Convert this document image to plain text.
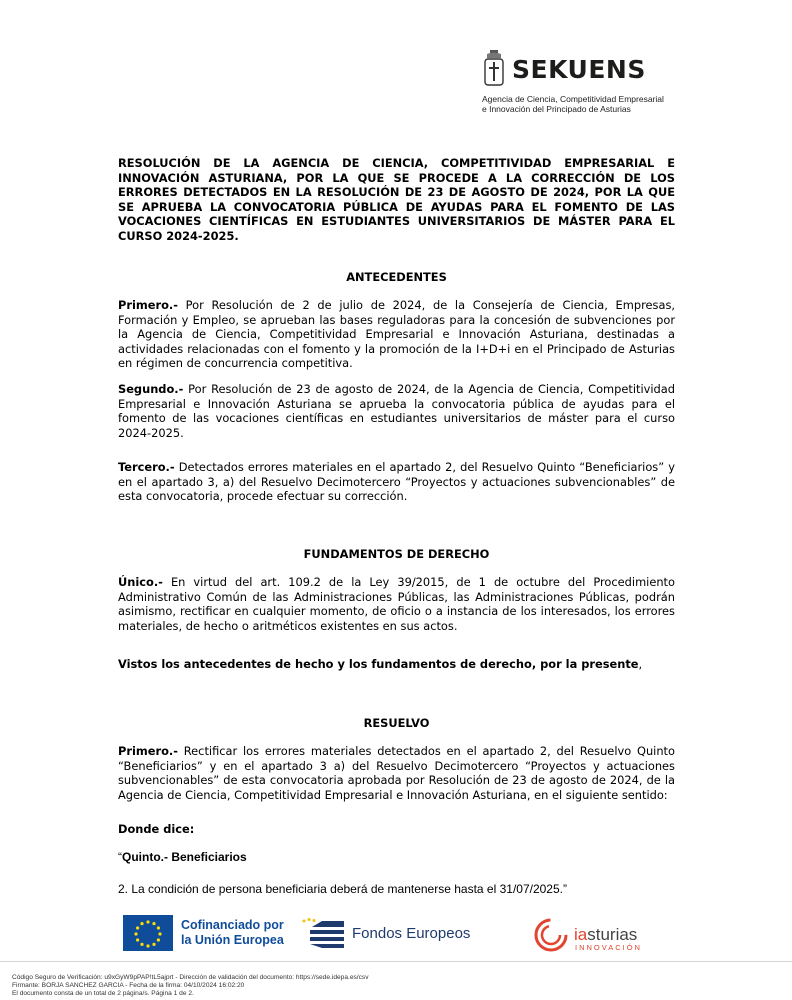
SEKUENS
Agencia de Ciencia, Competitividad Empresarial
e Innovación del Principado de Asturias
RESOLUCIÓN DE LA AGENCIA DE CIENCIA, COMPETITIVIDAD EMPRESARIAL E INNOVACIÓN ASTURIANA, POR LA QUE SE PROCEDE A LA CORRECCIÓN DE LOS ERRORES DETECTADOS EN LA RESOLUCIÓN DE 23 DE AGOSTO DE 2024, POR LA QUE SE APRUEBA LA CONVOCATORIA PÚBLICA DE AYUDAS PARA EL FOMENTO DE LAS VOCACIONES CIENTÍFICAS EN ESTUDIANTES UNIVERSITARIOS DE MÁSTER PARA EL CURSO 2024-2025.
ANTECEDENTES
Primero.- Por Resolución de 2 de julio de 2024, de la Consejería de Ciencia, Empresas, Formación y Empleo, se aprueban las bases reguladoras para la concesión de subvenciones por la Agencia de Ciencia, Competitividad Empresarial e Innovación Asturiana, destinadas a actividades relacionadas con el fomento y la promoción de la I+D+i en el Principado de Asturias en régimen de concurrencia competitiva.
Segundo.- Por Resolución de 23 de agosto de 2024, de la Agencia de Ciencia, Competitividad Empresarial e Innovación Asturiana se aprueba la convocatoria pública de ayudas para el fomento de las vocaciones científicas en estudiantes universitarios de máster para el curso 2024-2025.
Tercero.- Detectados errores materiales en el apartado 2, del Resuelvo Quinto “Beneficiarios” y en el apartado 3, a) del Resuelvo Decimotercero “Proyectos y actuaciones subvencionables” de esta convocatoria, procede efectuar su corrección.
FUNDAMENTOS DE DERECHO
Único.- En virtud del art. 109.2 de la Ley 39/2015, de 1 de octubre del Procedimiento Administrativo Común de las Administraciones Públicas, las Administraciones Públicas, podrán asimismo, rectificar en cualquier momento, de oficio o a instancia de los interesados, los errores materiales, de hecho o aritméticos existentes en sus actos.
Vistos los antecedentes de hecho y los fundamentos de derecho, por la presente,
RESUELVO
Primero.- Rectificar los errores materiales detectados en el apartado 2, del Resuelvo Quinto “Beneficiarios” y en el apartado 3 a) del Resuelvo Decimotercero “Proyectos y actuaciones subvencionables” de esta convocatoria aprobada por Resolución de 23 de agosto de 2024, de la Agencia de Ciencia, Competitividad Empresarial e Innovación Asturiana, en el siguiente sentido:
Donde dice:
“Quinto.- Beneficiarios
2. La condición de persona beneficiaria deberá de mantenerse hasta el 31/07/2025.”
Cofinanciado por
la Unión Europea	Fondos Europeos	iasturias
INNOVACIÓN
Código Seguro de Verificación: u9xGyW9pPAP!tL5ajprt - Dirección de validación del documento: https://sede.idepa.es/csv
Firmante: BORJA SANCHEZ GARCIA - Fecha de la firma: 04/10/2024 16:02:20
El documento consta de un total de 2 página/s. Página 1 de 2.
